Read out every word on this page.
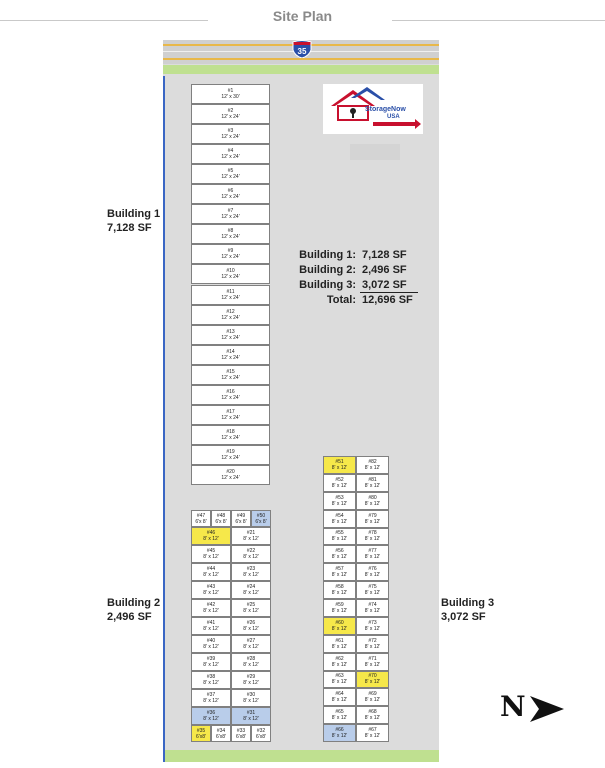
Site Plan
35
StorageNow
USA
Building 1: 7,128 SF
Building 2: 2,496 SF
Building 3: 3,072 SF
Total: 12,696 SF
Building 1
7,128 SF
Building 2
2,496 SF
Building 3
3,072 SF
#1
12' x 30'
#2
12' x 24'
#3
12' x 24'
#4
12' x 24'
#5
12' x 24'
#6
12' x 24'
#7
12' x 24'
#8
12' x 24'
#9
12' x 24'
#10
12' x 24'
#11
12' x 24'
#12
12' x 24'
#13
12' x 24'
#14
12' x 24'
#15
12' x 24'
#16
12' x 24'
#17
12' x 24'
#18
12' x 24'
#19
12' x 24'
#20
12' x 24'
#47
6'x 8'
#48
6'x 8'
#49
6'x 8'
#50
6'x 8'
#46
8' x 12'
#45
8' x 12'
#44
8' x 12'
#43
8' x 12'
#42
8' x 12'
#41
8' x 12'
#40
8' x 12'
#39
8' x 12'
#38
8' x 12'
#37
8' x 12'
#36
8' x 12'
#21
8' x 12'
#22
8' x 12'
#23
8' x 12'
#24
8' x 12'
#25
8' x 12'
#26
8' x 12'
#27
8' x 12'
#28
8' x 12'
#29
8' x 12'
#30
8' x 12'
#31
8' x 12'
#35
6'x8'
#34
6'x8'
#33
6'x8'
#32
6'x8'
#51
8' x 12'
#52
8' x 12'
#53
8' x 12'
#54
8' x 12'
#55
8' x 12'
#56
8' x 12'
#57
8' x 12'
#58
8' x 12'
#59
8' x 12'
#60
8' x 12'
#61
8' x 12'
#62
8' x 12'
#63
8' x 12'
#64
8' x 12'
#65
8' x 12'
#66
8' x 12'
#82
8' x 12'
#81
8' x 12'
#80
8' x 12'
#79
8' x 12'
#78
8' x 12'
#77
8' x 12'
#76
8' x 12'
#75
8' x 12'
#74
8' x 12'
#73
8' x 12'
#72
8' x 12'
#71
8' x 12'
#70
8' x 12'
#69
8' x 12'
#68
8' x 12'
#67
8' x 12'
N
